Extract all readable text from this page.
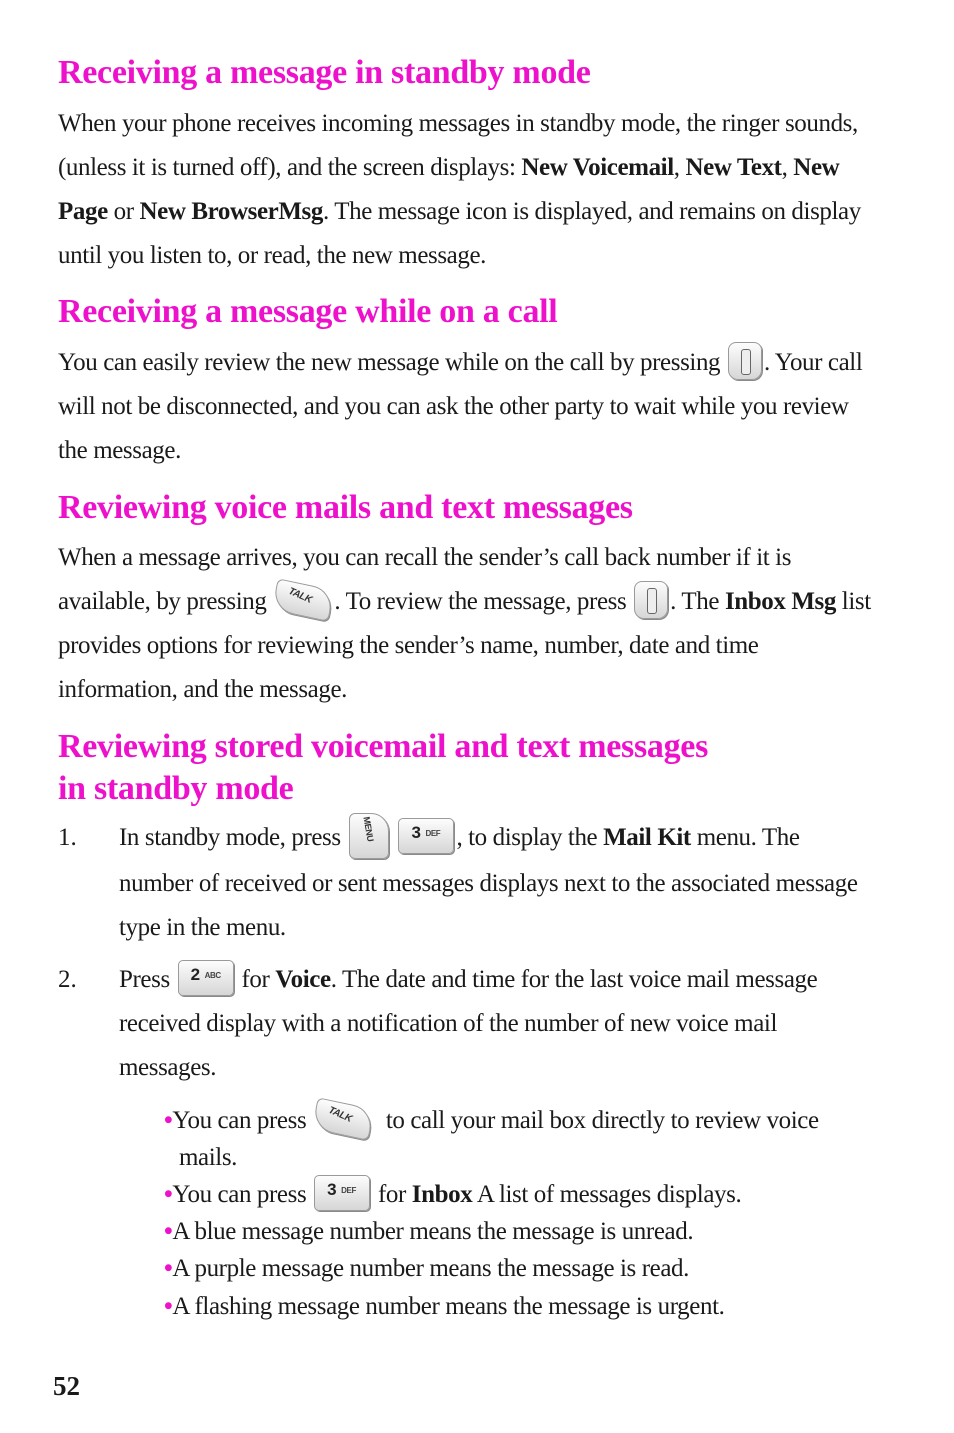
Receiving a message in standby mode

When your phone receives incoming messages in standby mode, the ringer sounds, (unless it is turned off), and the screen displays: New Voicemail, New Text, New Page or New BrowserMsg. The message icon is displayed, and remains on display until you listen to, or read, the new message.

Receiving a message while on a call

You can easily review the new message while on the call by pressing . Your call will not be disconnected, and you can ask the other party to wait while you review the message.

Reviewing voice mails and text messages

When a message arrives, you can recall the sender’s call back number if it is available, by pressing TALK. To review the message, press . The Inbox Msg list provides options for reviewing the sender’s name, number, date and time information, and the message.

Reviewing stored voicemail and text messages
in standby mode
1.	In standby mode, press MENU	3 DEF , to display the Mail Kit menu. The number of received or sent messages displays next to the associated message type in the menu.
2.	Press 2 ABC for Voice. The date and time for the last voice mail message received display with a notification of the number of new voice mail messages.
•You can press TALK	to call your mail box directly to review voice
mails.
•You can press 3 DEF for Inbox A list of messages displays.
•A blue message number means the message is unread.
•A purple message number means the message is read.
•A flashing message number means the message is urgent.
52
